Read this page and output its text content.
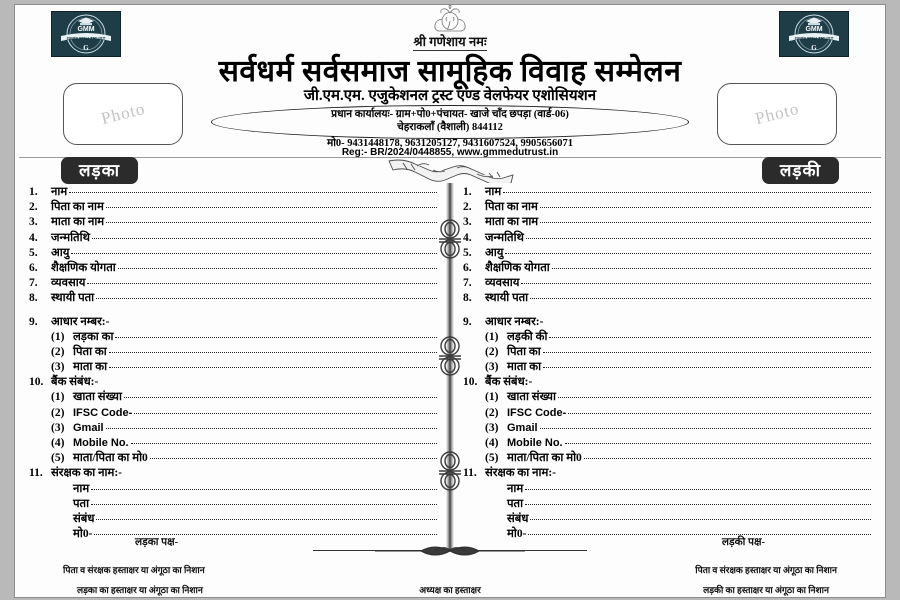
GMM
GMM EDU TRUST
G
GMM
GMM EDU TRUST
G
श्री गणेशाय नमः
सर्वधर्म सर्वसमाज सामूहिक विवाह सम्मेलन
जी.एम.एम. एजुकेशनल ट्रस्ट एण्ड वेलफेयर एशोसियशन
प्रधान कार्यालयः- ग्राम+पो0+पंचायत- खाजे चाँद छपड़ा (वार्ड-06)
चेहराकलाँ (वैशाली) 844112
मो0- 9431448178, 9631205127, 9431607524, 9905656071
Reg:- BR/2024/0448855, www.gmmedutrust.in
Photo	Photo
लड़का	लड़की
1.	नाम
2.	पिता का नाम
3.	माता का नाम
4.	जन्मतिथि
5.	आयु
6.	शैक्षणिक योगता
7.	व्यवसाय
8.	स्थायी पता
9.	आधार नम्बर:-
(1) लड़का का
(2) पिता का
(3) माता का
10. बैंक संबंध:-
(1) खाता संख्या
(2) IFSC Code-
(3) Gmail
(4) Mobile No.
(5) माता/पिता का मो0
11. संरक्षक का नाम:-
नाम
पता
संबंध
मो0-
1.	नाम
2.	पिता का नाम
3.	माता का नाम
4.	जन्मतिथि
5.	आयु
6.	शैक्षणिक योगता
7.	व्यवसाय
8.	स्थायी पता
9.	आधार नम्बर:-
(1) लड़की की
(2) पिता का
(3) माता का
10. बैंक संबंध:-
(1) खाता संख्या
(2) IFSC Code-
(3) Gmail
(4) Mobile No.
(5) माता/पिता का मो0
11. संरक्षक का नाम:-
नाम
पता
संबंध
मो0-
लड़का पक्ष-	लड़की पक्ष-
पिता व संरक्षक हस्ताक्षर या अंगूठा का निशान
लड़का का हस्ताक्षर या अंगूठा का निशान
पिता व संरक्षक हस्ताक्षर या अंगूठा का निशान
लड़की का हस्ताक्षर या अंगूठा का निशान
अध्यक्ष का हस्ताक्षर
